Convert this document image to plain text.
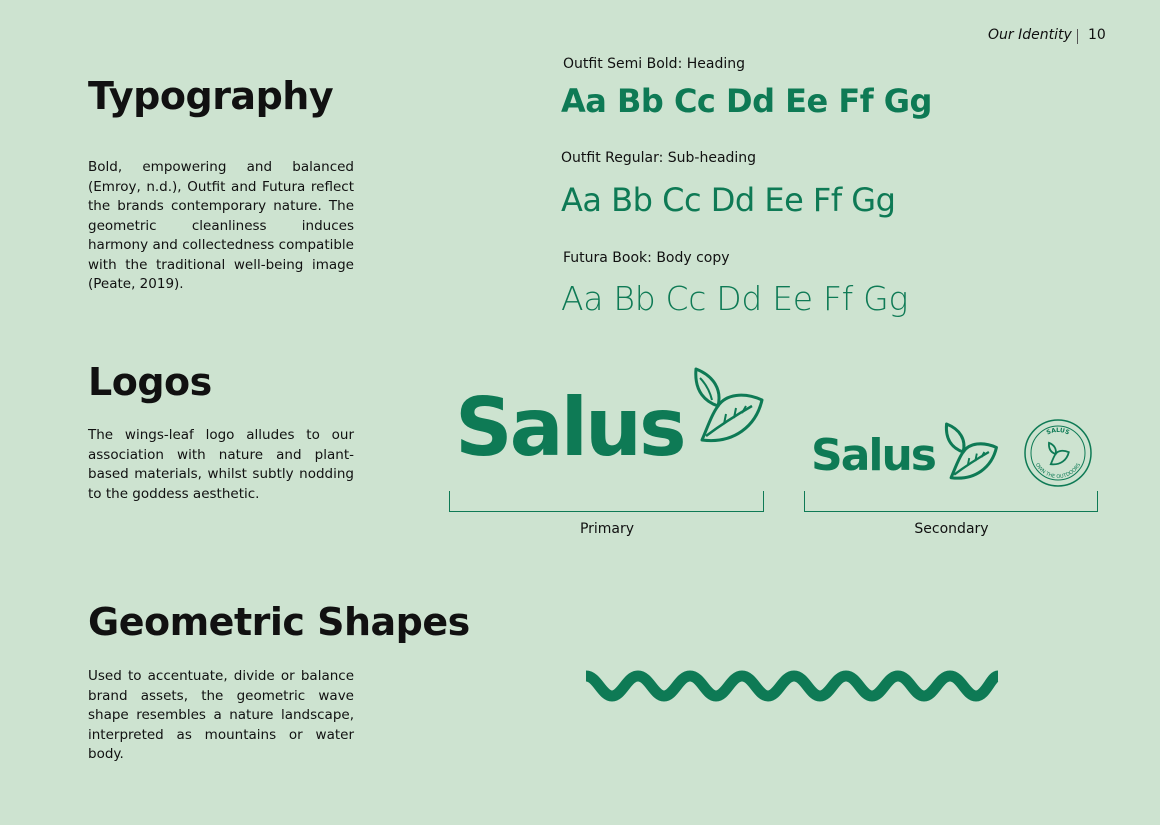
Our Identity 10
Typography
Bold, empowering and balanced (Emroy, n.d.), Outfit and Futura reflect the brands contemporary nature. The geometric cleanliness induces harmony and collectedness compatible with the traditional well-being image (Peate, 2019).
Outfit Semi Bold: Heading
Aa Bb Cc Dd Ee Ff Gg
Outfit Regular: Sub-heading
Aa Bb Cc Dd Ee Ff Gg
Futura Book: Body copy
Aa Bb Cc Dd Ee Ff Gg
Logos
The wings-leaf logo alludes to our association with nature and plant-based materials, whilst subtly nodding to the goddess aesthetic.
Salus
Primary
Salus	SALUS
OWN THE OUTDOORS
Secondary
Geometric Shapes
Used to accentuate, divide or balance brand assets, the geometric wave shape resembles a nature landscape, interpreted as mountains or water body.
